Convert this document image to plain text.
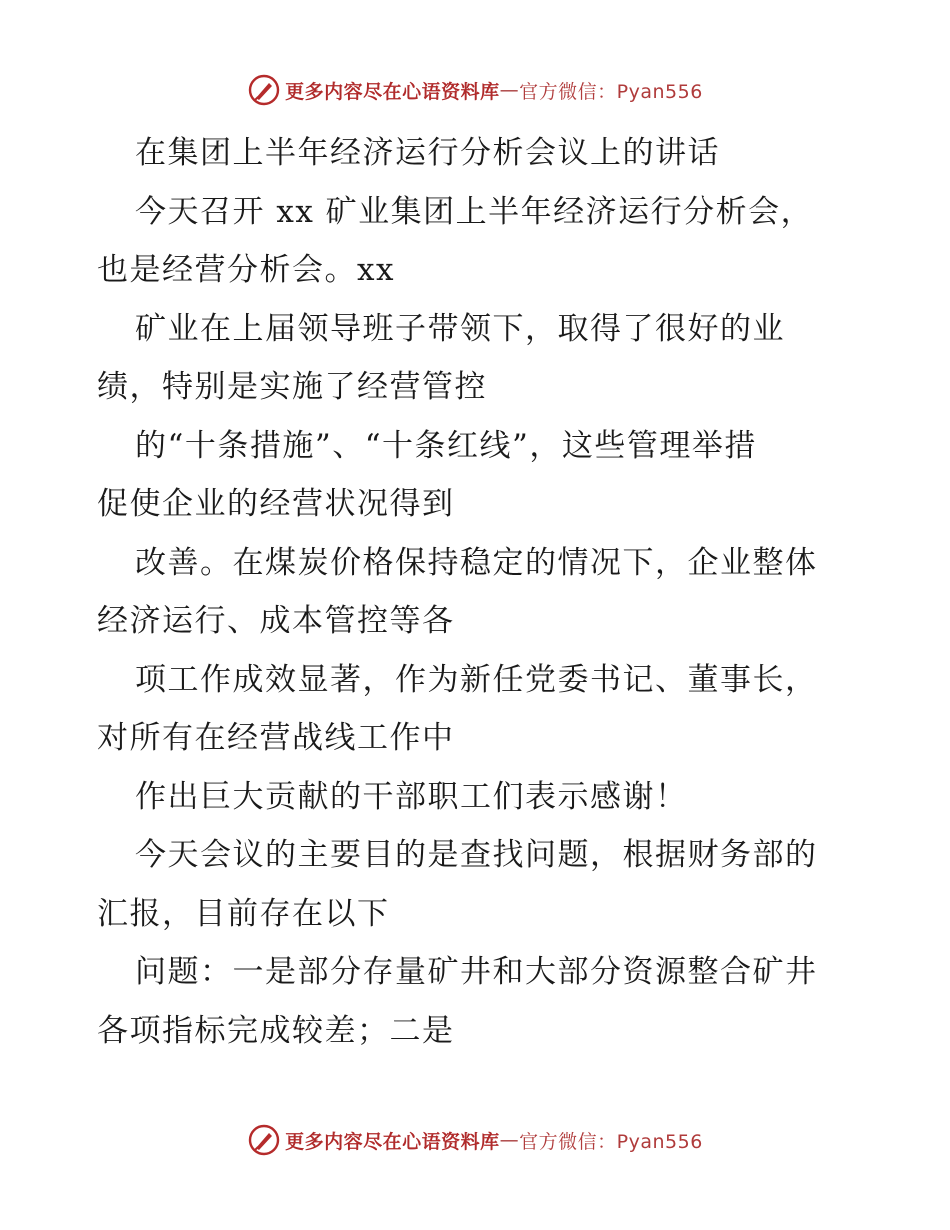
更多内容尽在心语资料库 — 官方微信：Pyan556
在集团上半年经济运行分析会议上的讲话
今天召开 xx 矿业集团上半年经济运行分析会，
也是经营分析会。xx
矿业在上届领导班子带领下，取得了很好的业
绩，特别是实施了经营管控
的“十条措施”、“十条红线”，这些管理举措
促使企业的经营状况得到
改善。在煤炭价格保持稳定的情况下，企业整体
经济运行、成本管控等各
项工作成效显著，作为新任党委书记、董事长，
对所有在经营战线工作中
作出巨大贡献的干部职工们表示感谢！
今天会议的主要目的是查找问题，根据财务部的
汇报，目前存在以下
问题：一是部分存量矿井和大部分资源整合矿井
各项指标完成较差；二是
更多内容尽在心语资料库 — 官方微信：Pyan556
